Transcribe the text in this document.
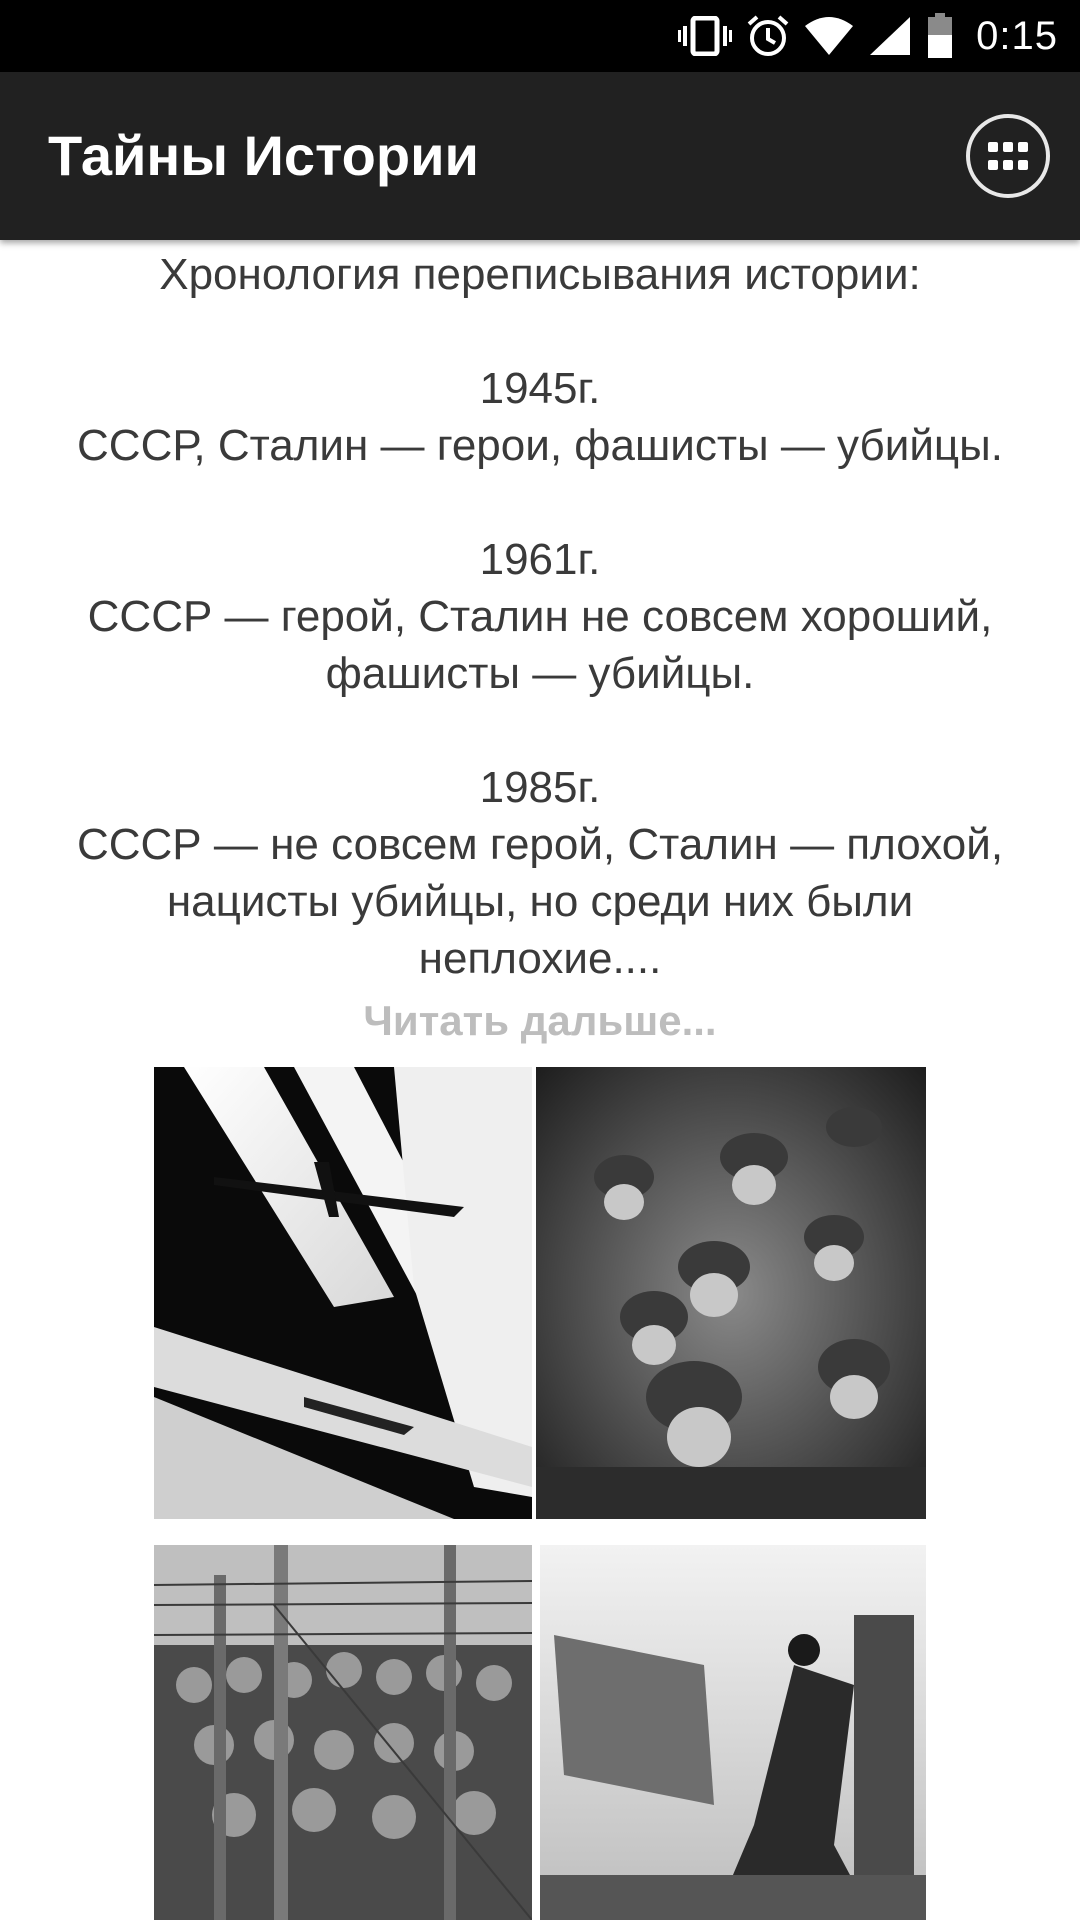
0:15
Тайны Истории

Хронология переписывания истории:

1945г.
СССР, Сталин — герои, фашисты — убийцы.
1961г.
СССР — герой, Сталин не совсем хороший, фашисты — убийцы.
1985г.
СССР — не совсем герой, Сталин — плохой, нацисты убийцы, но среди них были неплохие....
Читать дальше...
